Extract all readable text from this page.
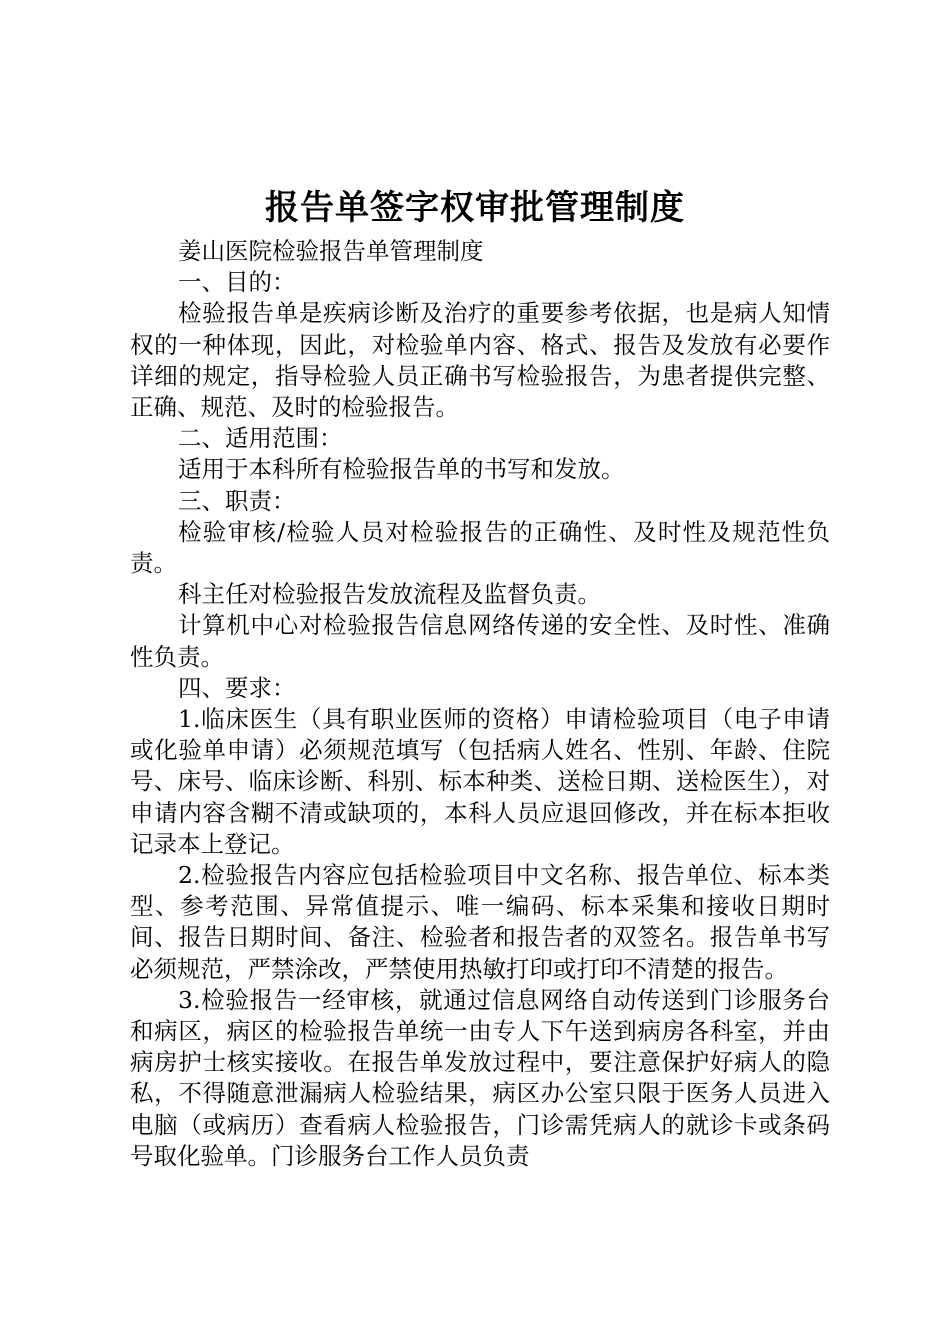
报告单签字权审批管理制度

姜山医院检验报告单管理制度

一、目的：

检验报告单是疾病诊断及治疗的重要参考依据，也是病人知情权的一种体现，因此，对检验单内容、格式、报告及发放有必要作详细的规定，指导检验人员正确书写检验报告，为患者提供完整、正确、规范、及时的检验报告。

二、适用范围：

适用于本科所有检验报告单的书写和发放。

三、职责：

检验审核/检验人员对检验报告的正确性、及时性及规范性负责。

科主任对检验报告发放流程及监督负责。

计算机中心对检验报告信息网络传递的安全性、及时性、准确性负责。

四、要求：

1.临床医生（具有职业医师的资格）申请检验项目（电子申请或化验单申请）必须规范填写（包括病人姓名、性别、年龄、住院号、床号、临床诊断、科别、标本种类、送检日期、送检医生），对申请内容含糊不清或缺项的，本科人员应退回修改，并在标本拒收记录本上登记。

2.检验报告内容应包括检验项目中文名称、报告单位、标本类型、参考范围、异常值提示、唯一编码、标本采集和接收日期时间、报告日期时间、备注、检验者和报告者的双签名。报告单书写必须规范，严禁涂改，严禁使用热敏打印或打印不清楚的报告。

3.检验报告一经审核，就通过信息网络自动传送到门诊服务台和病区，病区的检验报告单统一由专人下午送到病房各科室，并由病房护士核实接收。在报告单发放过程中，要注意保护好病人的隐私，不得随意泄漏病人检验结果，病区办公室只限于医务人员进入电脑（或病历）查看病人检验报告，门诊需凭病人的就诊卡或条码号取化验单。门诊服务台工作人员负责
